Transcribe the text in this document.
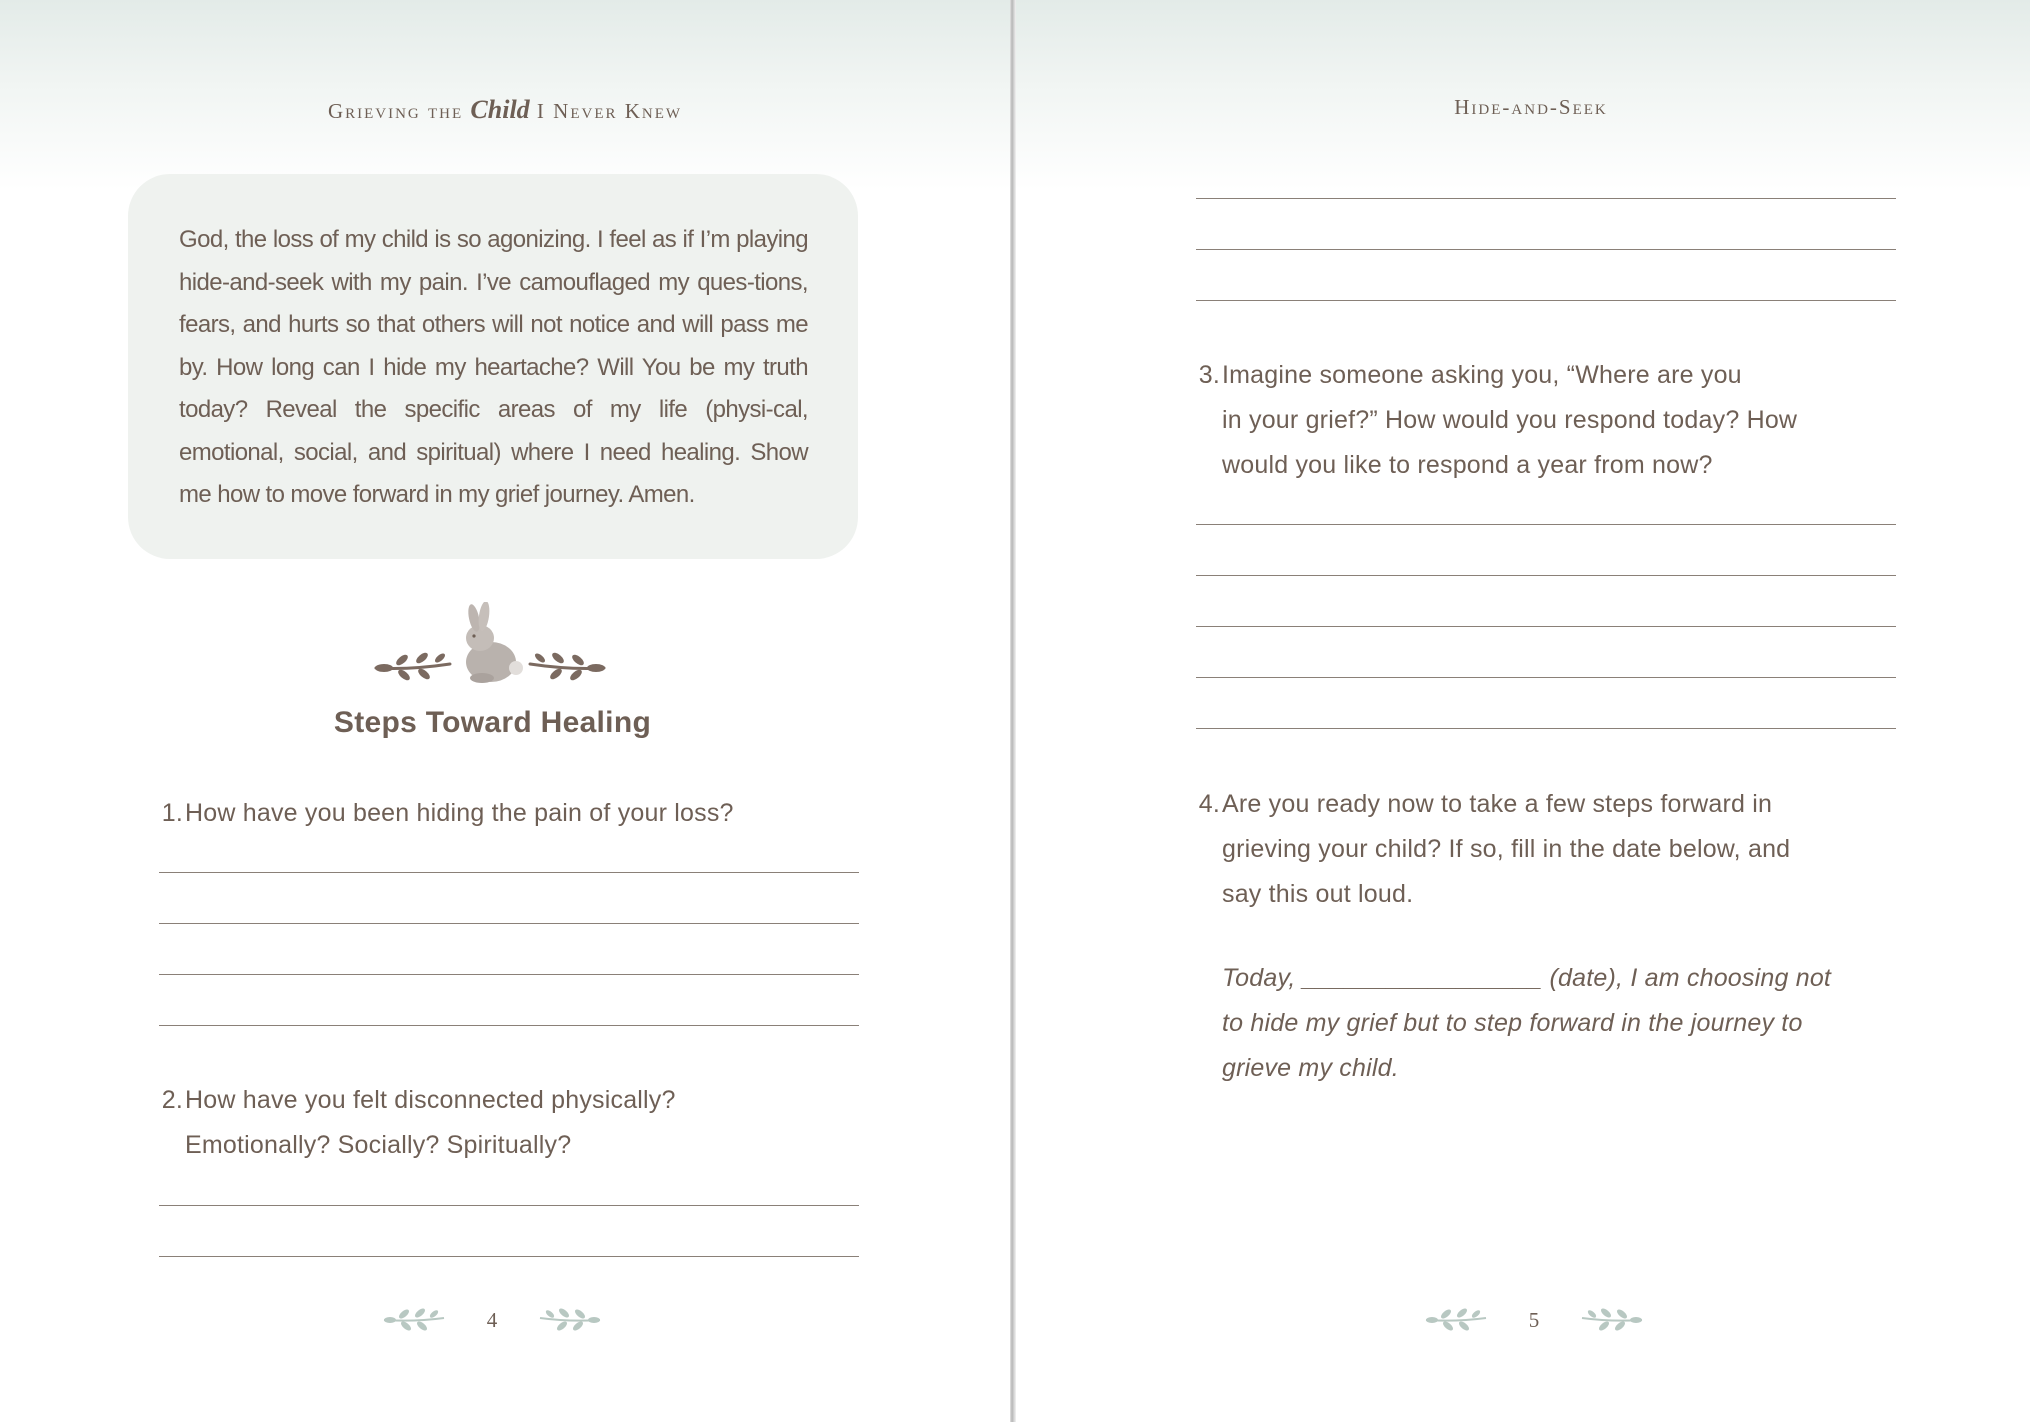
Grieving the Child I Never Knew

God, the loss of my child is so agonizing. I feel as if I’m playing hide-and-seek with my pain. I’ve camouflaged my ques-tions, fears, and hurts so that others will not notice and will pass me by. How long can I hide my heartache? Will You be my truth today? Reveal the specific areas of my life (physi-cal, emotional, social, and spiritual) where I need healing. Show me how to move forward in my grief journey. Amen.

Steps Toward Healing
1. How have you been hiding the pain of your loss?
2. How have you felt disconnected physically?
Emotionally? Socially? Spiritually?
4
Hide-and-Seek
3. Imagine someone asking you, “Where are you
in your grief?” How would you respond today? How
would you like to respond a year from now?
4. Are you ready now to take a few steps forward in
grieving your child? If so, fill in the date below, and
say this out loud.
Today, _________________ (date), I am choosing not
to hide my grief but to step forward in the journey to
grieve my child.
5
